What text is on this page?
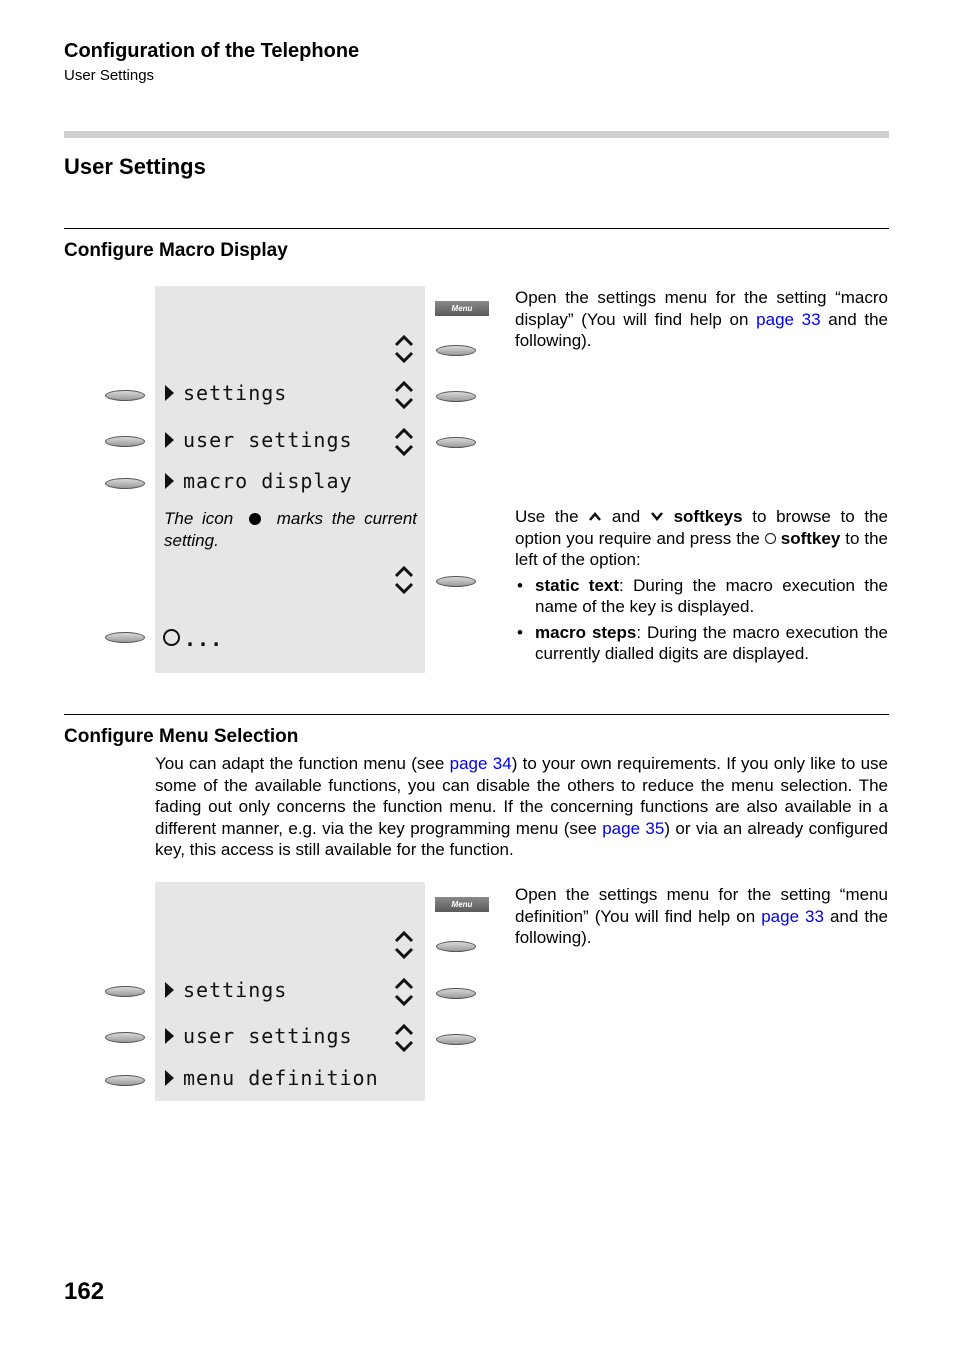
Configuration of the Telephone
User Settings
User Settings
Configure Macro Display
Menu
settings
user settings
macro display
The icon	marks the current setting.
...
Open the settings menu for the setting “macro display” (You will find help on page 33 and the following).
Use the and softkeys to browse to the option you require and press the softkey to the left of the option:
• static text: During the macro execution the name of the key is displayed.
• macro steps: During the macro execution the currently dialled digits are displayed.
Configure Menu Selection
You can adapt the function menu (see page 34) to your own requirements. If you only like to use some of the available functions, you can disable the others to reduce the menu selection. The fading out only concerns the function menu. If the concerning functions are also available in a different manner, e.g. via the key programming menu (see page 35) or via an already configured key, this access is still available for the function.
Menu
settings
user settings
menu definition
Open the settings menu for the setting “menu definition” (You will find help on page 33 and the following).
162
